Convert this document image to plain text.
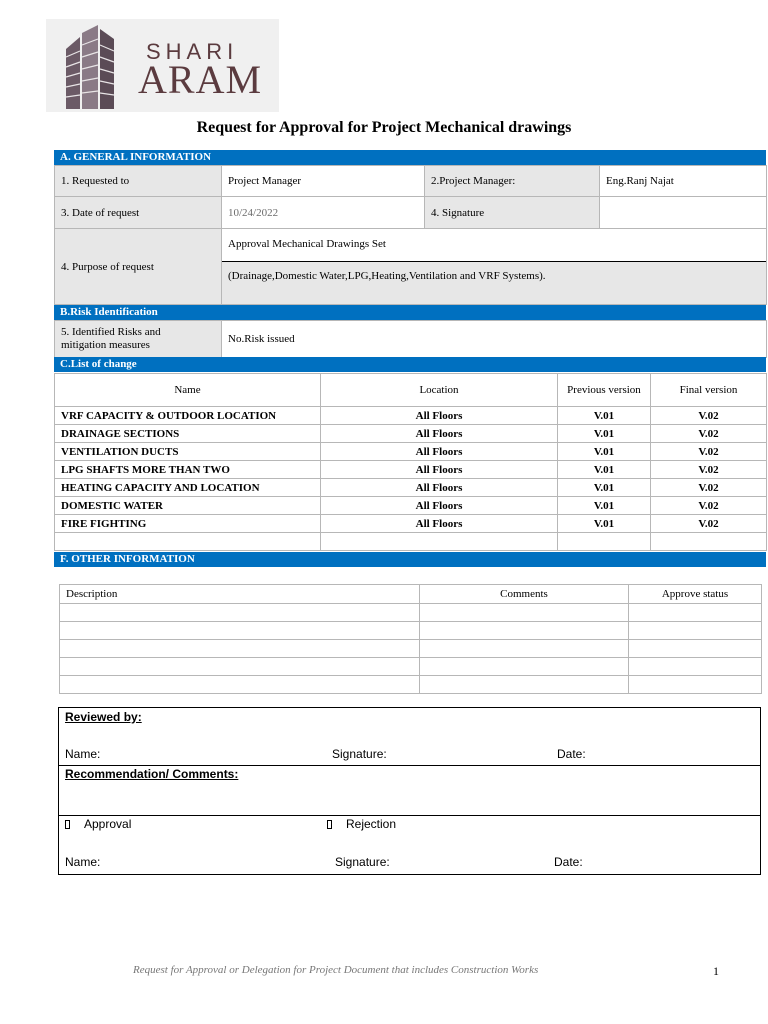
SHARI
ARAM
Request for Approval for Project Mechanical drawings
A. GENERAL INFORMATION
1. Requested to	Project Manager	2.Project Manager:	Eng.Ranj Najat
3. Date of request	10/24/2022	4. Signature	
4. Purpose of request	Approval Mechanical Drawings Set
(Drainage,Domestic Water,LPG,Heating,Ventilation and VRF Systems).		
B.Risk Identification
5. Identified Risks and
mitigation measures	No.Risk issued
C.List of change
Name	Location	Previous version	Final version
VRF CAPACITY & OUTDOOR LOCATION	All Floors	V.01	V.02
DRAINAGE SECTIONS	All Floors	V.01	V.02
VENTILATION DUCTS	All Floors	V.01	V.02
LPG SHAFTS MORE THAN TWO	All Floors	V.01	V.02
HEATING CAPACITY AND LOCATION	All Floors	V.01	V.02
DOMESTIC WATER	All Floors	V.01	V.02
FIRE FIGHTING	All Floors	V.01	V.02

F. OTHER INFORMATION
Description	Comments	Approve status

Reviewed by:
Name:	Signature:	Date:
Recommendation/ Comments:
Approval	Rejection
Name:	Signature:	Date:
Request for Approval or Delegation for Project Document that includes Construction Works	1
